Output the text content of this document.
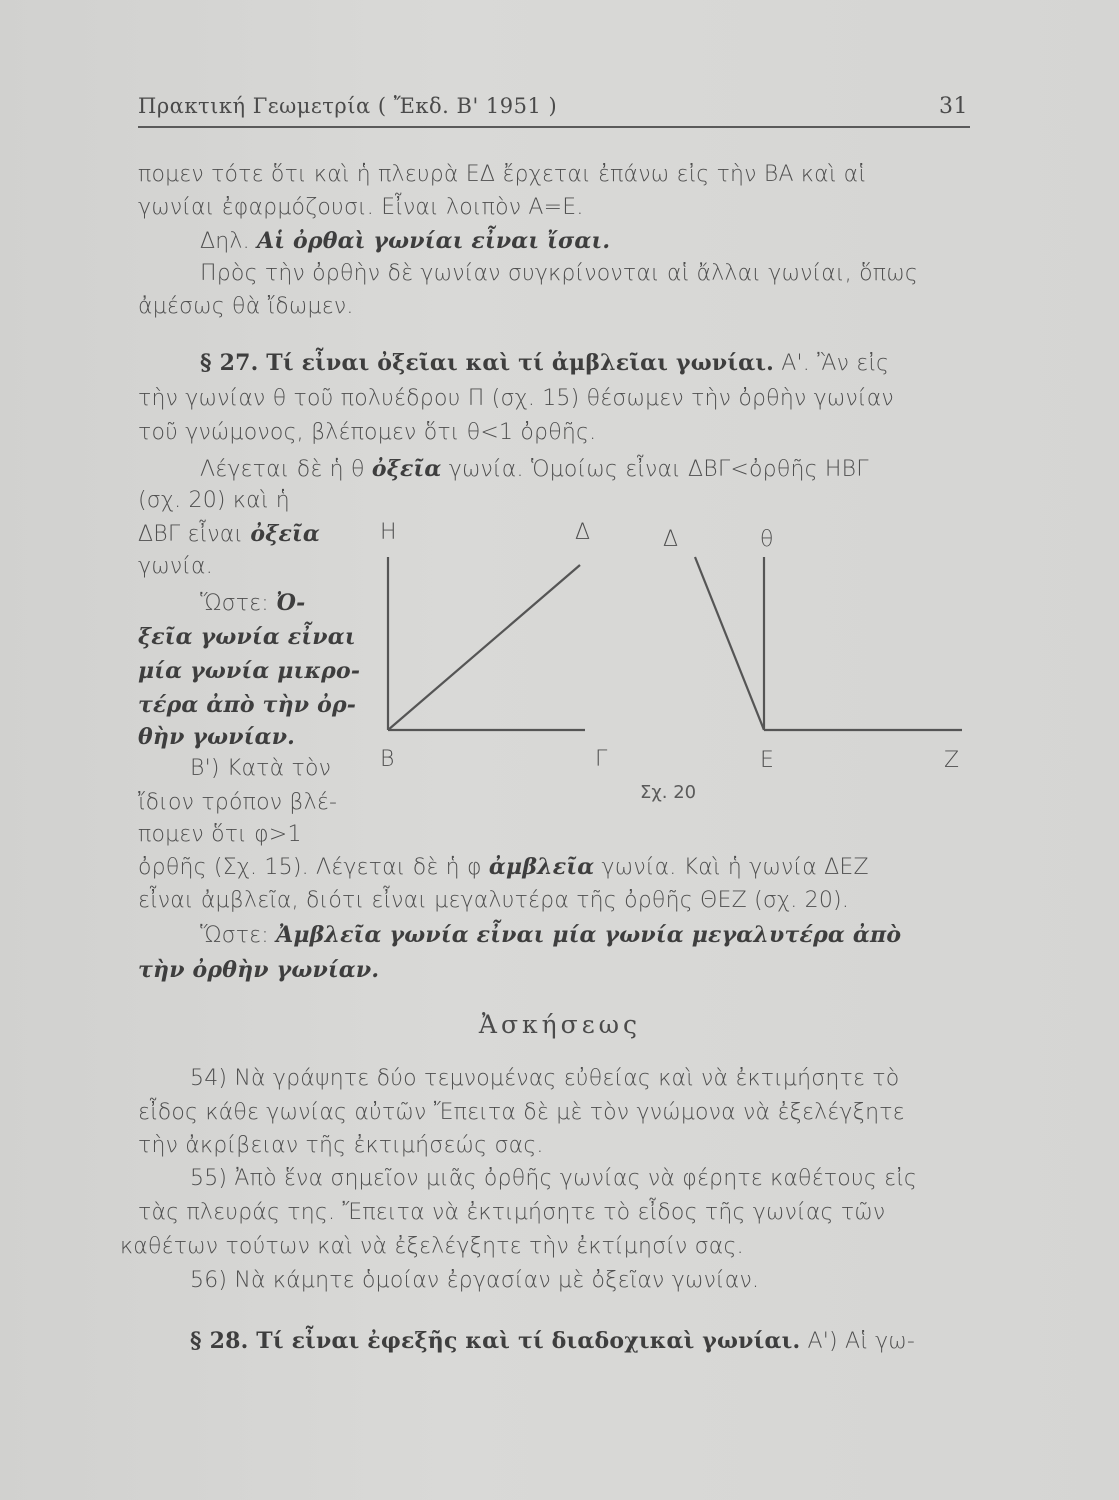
Πρακτική Γεωμετρία ( Ἔκδ. Β' 1951 )	31
πομεν τότε ὅτι καὶ ἡ πλευρὰ ΕΔ ἔρχεται ἐπάνω εἰς τὴν ΒΑ καὶ αἱ
γωνίαι ἐφαρμόζουσι. Εἶναι λοιπὸν Α=Ε.
Δηλ. Αἱ ὀρθαὶ γωνίαι εἶναι ἴσαι.
Πρὸς τὴν ὀρθὴν δὲ γωνίαν συγκρίνονται αἱ ἄλλαι γωνίαι, ὅπως
ἀμέσως θὰ ἴδωμεν.
§ 27. Τί εἶναι ὀξεῖαι καὶ τί ἀμβλεῖαι γωνίαι. Α'. Ἂν εἰς
τὴν γωνίαν θ τοῦ πολυέδρου Π (σχ. 15) θέσωμεν τὴν ὀρθὴν γωνίαν
τοῦ γνώμονος, βλέπομεν ὅτι θ<1 ὀρθῆς.
Λέγεται δὲ ἡ θ ὀξεῖα γωνία. Ὁμοίως εἶναι ΔΒΓ<ὀρθῆς ΗΒΓ
(σχ. 20) καὶ ἡ
ΔΒΓ εἶναι ὀξεῖα
γωνία.
Ὥστε: Ὀ-
ξεῖα γωνία εἶναι
μία γωνία μικρο-
τέρα ἀπὸ τὴν ὀρ-
θὴν γωνίαν.
Β') Κατὰ τὸν
ἴδιον τρόπον βλέ-
πομεν ὅτι φ>1
Η	Δ	Δ	θ
Β	Γ	Ε	Ζ
Σχ. 20
ὀρθῆς (Σχ. 15). Λέγεται δὲ ἡ φ ἀμβλεῖα γωνία. Καὶ ἡ γωνία ΔΕΖ
εἶναι ἀμβλεῖα, διότι εἶναι μεγαλυτέρα τῆς ὀρθῆς ΘΕΖ (σχ. 20).
Ὥστε: Ἀμβλεῖα γωνία εἶναι μία γωνία μεγαλυτέρα ἀπὸ
τὴν ὀρθὴν γωνίαν.
Ἀσκήσεως
54) Νὰ γράψητε δύο τεμνομένας εὐθείας καὶ νὰ ἐκτιμήσητε τὸ
εἶδος κάθε γωνίας αὐτῶν Ἔπειτα δὲ μὲ τὸν γνώμονα νὰ ἐξελέγξητε
τὴν ἀκρίβειαν τῆς ἐκτιμήσεώς σας.
55) Ἀπὸ ἕνα σημεῖον μιᾶς ὀρθῆς γωνίας νὰ φέρητε καθέτους εἰς
τὰς πλευράς της. Ἔπειτα νὰ ἐκτιμήσητε τὸ εἶδος τῆς γωνίας τῶν
καθέτων τούτων καὶ νὰ ἐξελέγξητε τὴν ἐκτίμησίν σας.
56) Νὰ κάμητε ὁμοίαν ἐργασίαν μὲ ὀξεῖαν γωνίαν.
§ 28. Τί εἶναι ἐφεξῆς καὶ τί διαδοχικαὶ γωνίαι. Α') Αἱ γω-
